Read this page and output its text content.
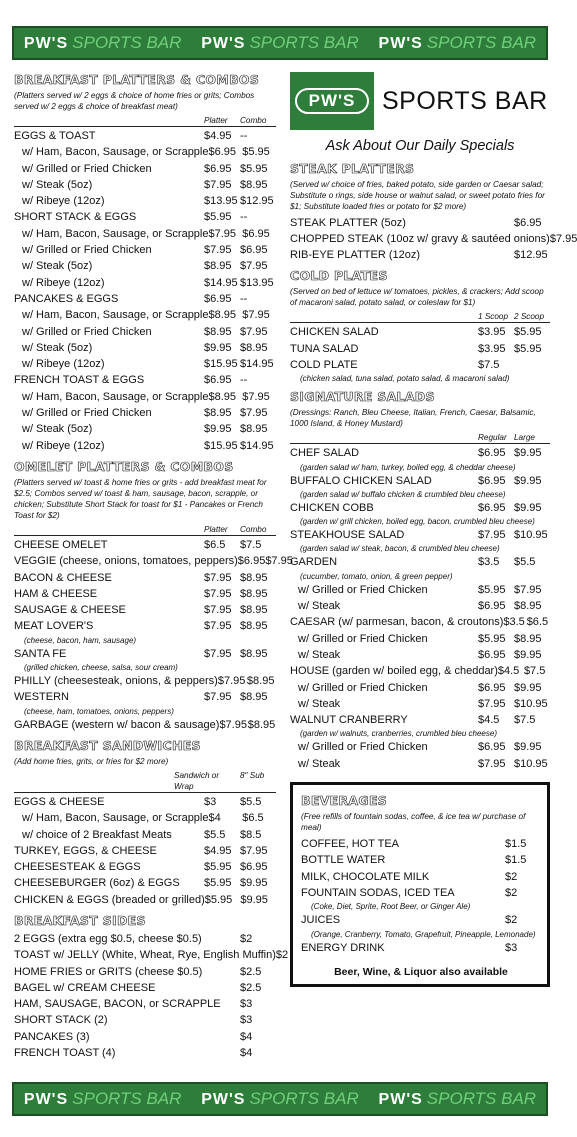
PW'S SPORTS BAR PW'S SPORTS BAR PW'S SPORTS BAR
BREAKFAST PLATTERS & COMBOS
(Platters served w/ 2 eggs & choice of home fries or grits; Combos served w/ 2 eggs & choice of breakfast meat)
Platter	Combo
EGGS & TOAST	$4.95 --
w/ Ham, Bacon, Sausage, or Scrapple $6.95 $5.95
w/ Grilled or Fried Chicken	$6.95 $5.95
w/ Steak (5oz)	$7.95 $8.95
w/ Ribeye (12oz)	$13.95 $12.95
SHORT STACK & EGGS	$5.95 --
w/ Ham, Bacon, Sausage, or Scrapple $7.95 $6.95
w/ Grilled or Fried Chicken	$7.95 $6.95
w/ Steak (5oz)	$8.95 $7.95
w/ Ribeye (12oz)	$14.95 $13.95
PANCAKES & EGGS	$6.95 --
w/ Ham, Bacon, Sausage, or Scrapple $8.95 $7.95
w/ Grilled or Fried Chicken	$8.95 $7.95
w/ Steak (5oz)	$9.95 $8.95
w/ Ribeye (12oz)	$15.95 $14.95
FRENCH TOAST & EGGS	$6.95 --
w/ Ham, Bacon, Sausage, or Scrapple $8.95 $7.95
w/ Grilled or Fried Chicken	$8.95 $7.95
w/ Steak (5oz)	$9.95 $8.95
w/ Ribeye (12oz)	$15.95 $14.95
OMELET PLATTERS & COMBOS
(Platters served w/ toast & home fries or grits - add breakfast meat for $2.5; Combos served w/ toast & ham, sausage, bacon, scrapple, or chicken; Substitute Short Stack for toast for $1 - Pancakes or French Toast for $2)
Platter	Combo
CHEESE OMELET	$6.5	$7.5
VEGGIE (cheese, onions, tomatoes, peppers) $6.95 $7.95
BACON & CHEESE	$7.95 $8.95
HAM & CHEESE	$7.95 $8.95
SAUSAGE & CHEESE	$7.95 $8.95
MEAT LOVER'S	$7.95 $8.95
(cheese, bacon, ham, sausage)
SANTA FE	$7.95 $8.95
(grilled chicken, cheese, salsa, sour cream)
PHILLY (cheesesteak, onions, & peppers) $7.95 $8.95
WESTERN	$7.95 $8.95
(cheese, ham, tomatoes, onions, peppers)
GARBAGE (western w/ bacon & sausage) $7.95 $8.95
BREAKFAST SANDWICHES
(Add home fries, grits, or fries for $2 more)
Sandwich or Wrap
8" Sub
EGGS & CHEESE	$3	$5.5
w/ Ham, Bacon, Sausage, or Scrapple $4	$6.5
w/ choice of 2 Breakfast Meats	$5.5	$8.5
TURKEY, EGGS, & CHEESE	$4.95 $7.95
CHEESESTEAK & EGGS	$5.95 $6.95
CHEESEBURGER (6oz) & EGGS	$5.95 $9.95
CHICKEN & EGGS (breaded or grilled) $5.95 $9.95
BREAKFAST SIDES
2 EGGS (extra egg $0.5, cheese $0.5)	$2
TOAST w/ JELLY (White, Wheat, Rye, English Muffin) $2
HOME FRIES or GRITS (cheese $0.5)	$2.5
BAGEL w/ CREAM CHEESE	$2.5
HAM, SAUSAGE, BACON, or SCRAPPLE	$3
SHORT STACK (2)	$3
PANCAKES (3)	$4
FRENCH TOAST (4)	$4
PW'S	SPORTS BAR
Ask About Our Daily Specials
STEAK PLATTERS
(Served w/ choice of fries, baked potato, side garden or Caesar salad; Substitute o rings, side house or walnut salad, or sweet potato fries for $1; Substitute loaded fries or potato for $2 more)
STEAK PLATTER (5oz)	$6.95
CHOPPED STEAK (10oz w/ gravy & sautéed onions) $7.95
RIB-EYE PLATTER (12oz)	$12.95
COLD PLATES
(Served on bed of lettuce w/ tomatoes, pickles, & crackers; Add scoop of macaroni salad, potato salad, or coleslaw for $1)
1 Scoop 2 Scoop
CHICKEN SALAD	$3.95 $5.95
TUNA SALAD	$3.95 $5.95
COLD PLATE	$7.5
(chicken salad, tuna salad, potato salad, & macaroni salad)
SIGNATURE SALADS
(Dressings: Ranch, Bleu Cheese, Italian, French, Caesar, Balsamic, 1000 Island, & Honey Mustard)
Regular Large
CHEF SALAD	$6.95 $9.95
(garden salad w/ ham, turkey, boiled egg, & cheddar cheese)
BUFFALO CHICKEN SALAD	$6.95 $9.95
(garden salad w/ buffalo chicken & crumbled bleu cheese)
CHICKEN COBB	$6.95 $9.95
(garden w/ grill chicken, boiled egg, bacon, crumbled bleu cheese)
STEAKHOUSE SALAD	$7.95 $10.95
(garden salad w/ steak, bacon, & crumbled bleu cheese)
GARDEN	$3.5	$5.5
(cucumber, tomato, onion, & green pepper)
w/ Grilled or Fried Chicken	$5.95 $7.95
w/ Steak	$6.95 $8.95
CAESAR (w/ parmesan, bacon, & croutons) $3.5 $6.5
w/ Grilled or Fried Chicken	$5.95 $8.95
w/ Steak	$6.95 $9.95
HOUSE (garden w/ boiled egg, & cheddar) $4.5 $7.5
w/ Grilled or Fried Chicken	$6.95 $9.95
w/ Steak	$7.95 $10.95
WALNUT CRANBERRY	$4.5	$7.5
(garden w/ walnuts, cranberries, crumbled bleu cheese)
w/ Grilled or Fried Chicken	$6.95 $9.95
w/ Steak	$7.95 $10.95
BEVERAGES
(Free refills of fountain sodas, coffee, & ice tea w/ purchase of meal)
COFFEE, HOT TEA	$1.5
BOTTLE WATER	$1.5
MILK, CHOCOLATE MILK	$2
FOUNTAIN SODAS, ICED TEA	$2
(Coke, Diet, Sprite, Root Beer, or Ginger Ale)
JUICES	$2
(Orange, Cranberry, Tomato, Grapefruit, Pineapple, Lemonade)
ENERGY DRINK	$3
Beer, Wine, & Liquor also available
PW'S SPORTS BAR PW'S SPORTS BAR PW'S SPORTS BAR
